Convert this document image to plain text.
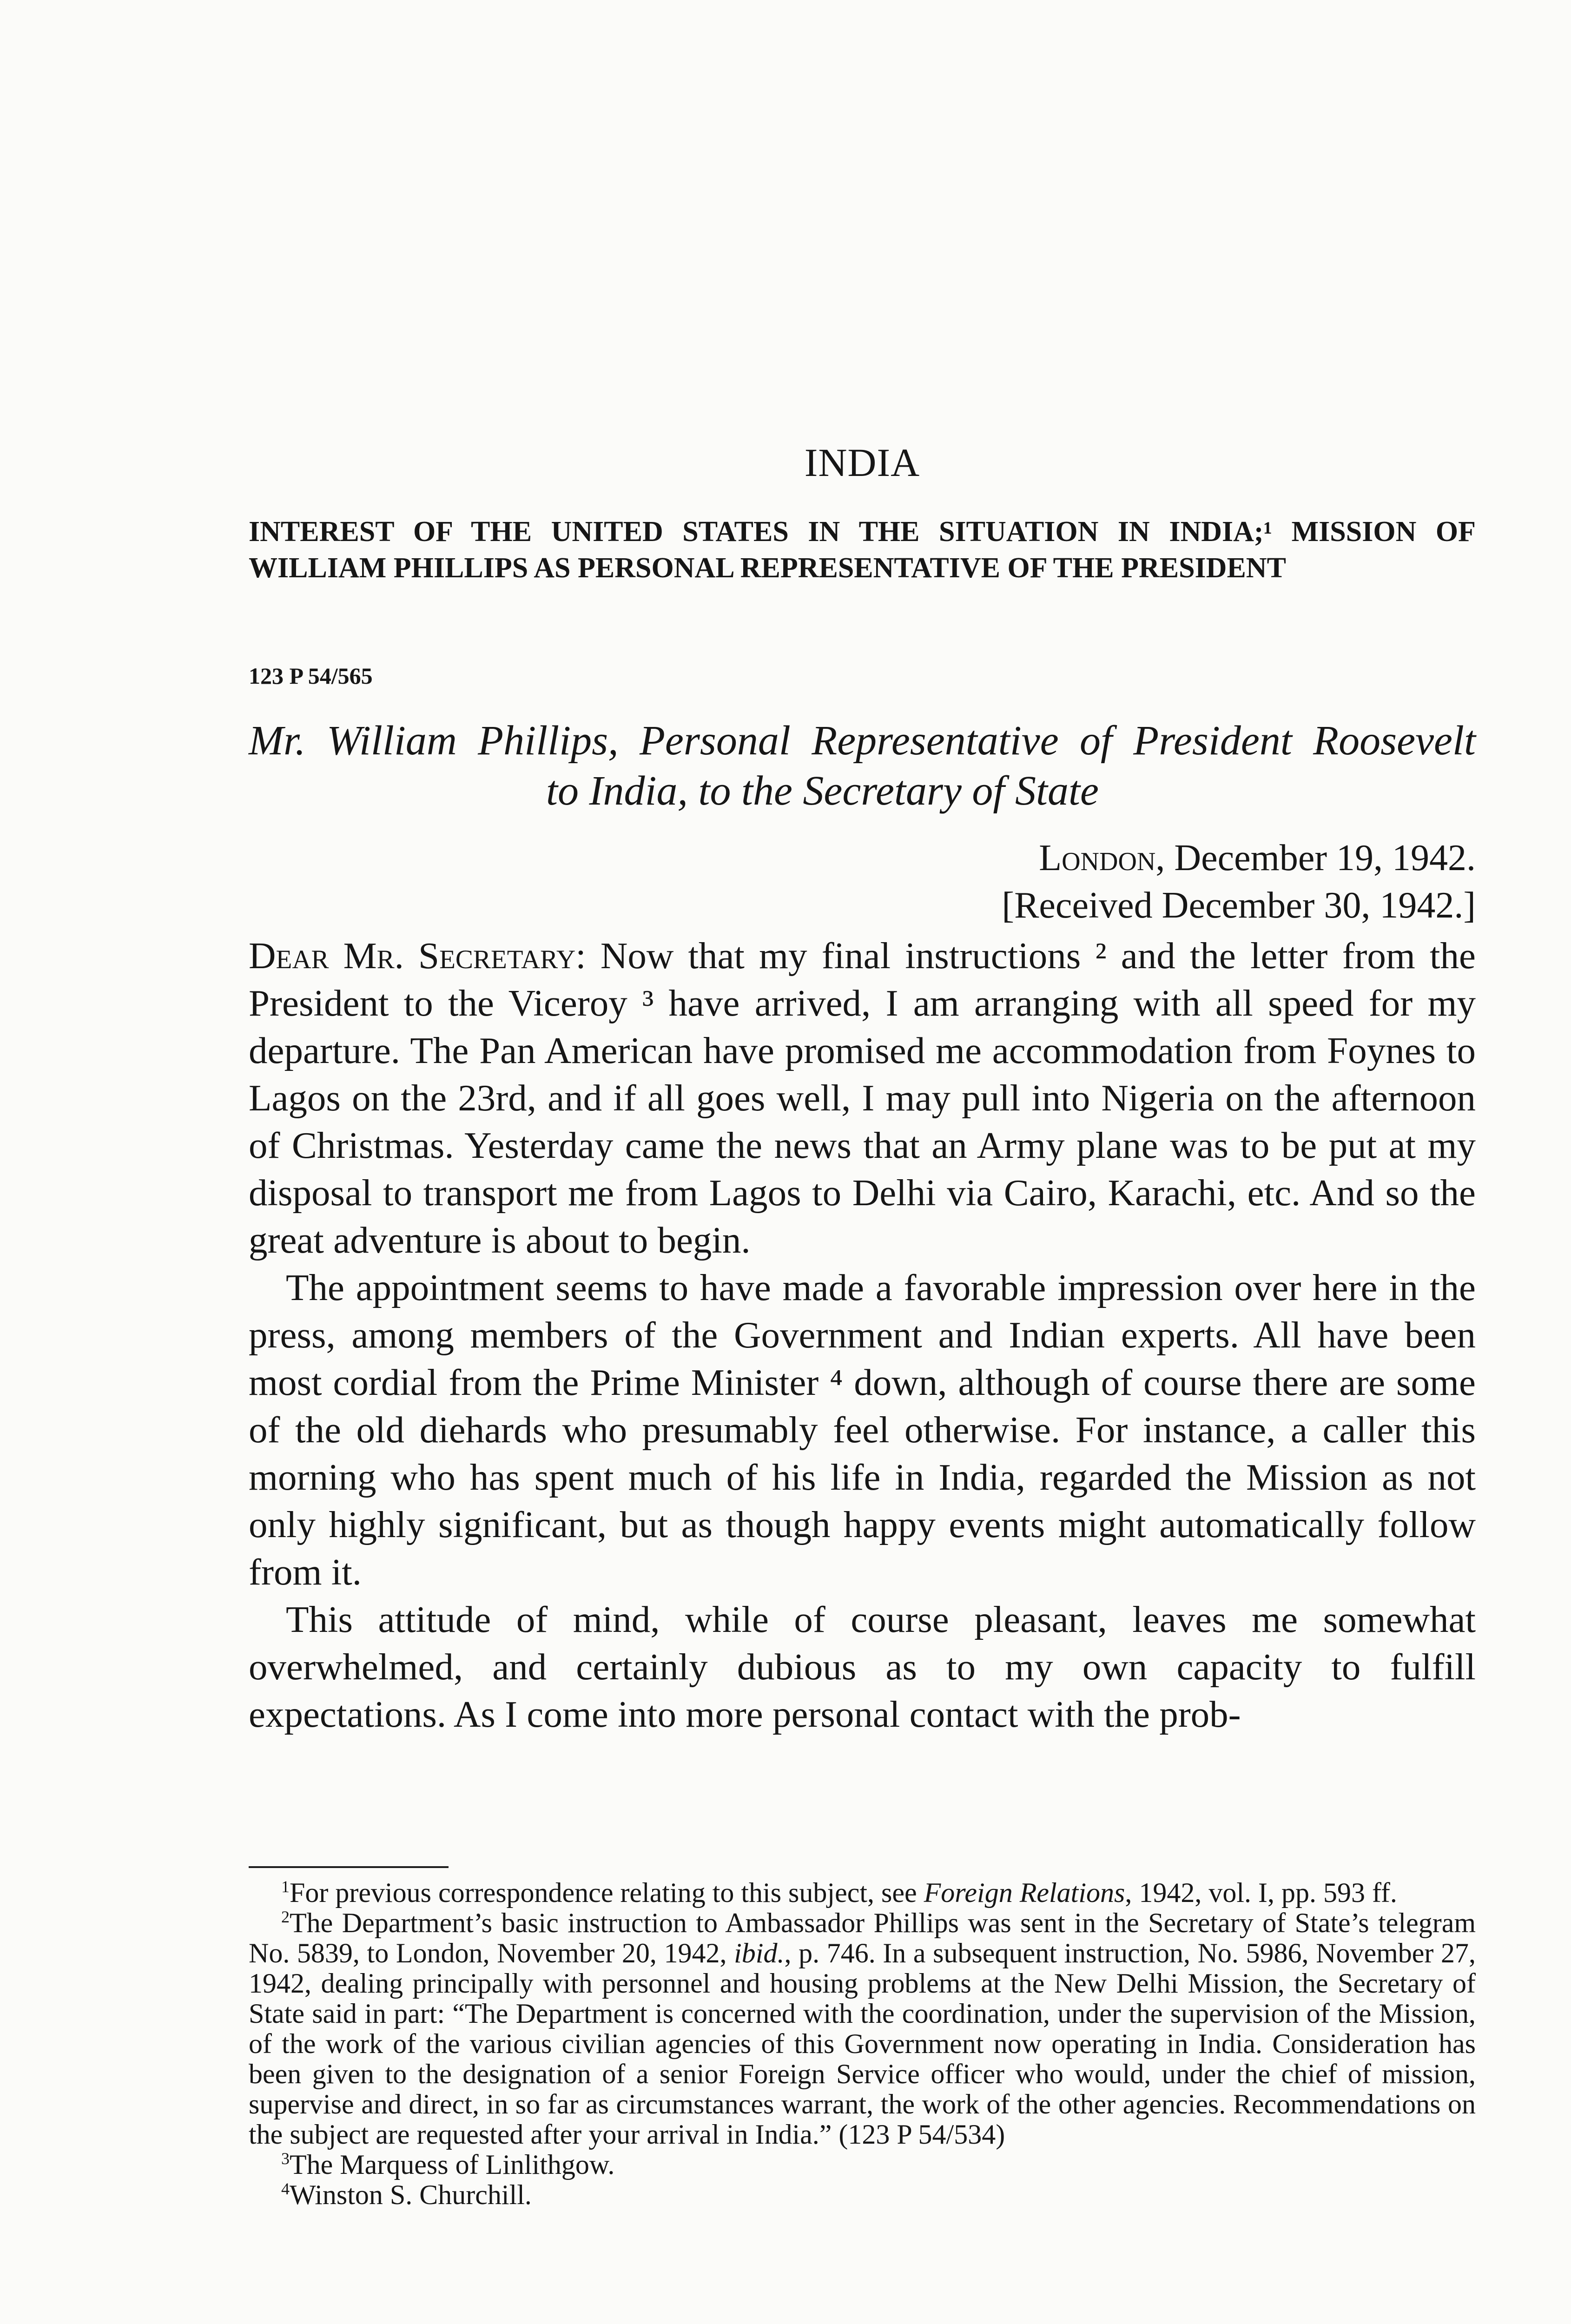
INDIA
INTEREST OF THE UNITED STATES IN THE SITUATION IN INDIA;¹ MISSION OF WILLIAM PHILLIPS AS PERSONAL REPRESENTATIVE OF THE PRESIDENT
123 P 54/565
Mr. William Phillips, Personal Representative of President Roosevelt
to India, to the Secretary of State
London, December 19, 1942.
[Received December 30, 1942.]

Dear Mr. Secretary: Now that my final instructions ² and the letter from the President to the Viceroy ³ have arrived, I am arranging with all speed for my departure. The Pan American have promised me accommodation from Foynes to Lagos on the 23rd, and if all goes well, I may pull into Nigeria on the afternoon of Christmas. Yesterday came the news that an Army plane was to be put at my disposal to transport me from Lagos to Delhi via Cairo, Karachi, etc. And so the great adventure is about to begin.

The appointment seems to have made a favorable impression over here in the press, among members of the Government and Indian experts. All have been most cordial from the Prime Minister ⁴ down, although of course there are some of the old diehards who presumably feel otherwise. For instance, a caller this morning who has spent much of his life in India, regarded the Mission as not only highly significant, but as though happy events might automatically follow from it.

This attitude of mind, while of course pleasant, leaves me somewhat overwhelmed, and certainly dubious as to my own capacity to fulfill expectations. As I come into more personal contact with the prob-

$^1$For previous correspondence relating to this subject, see Foreign Relations, 1942, vol. I, pp. 593 ff.

$^2$The Department’s basic instruction to Ambassador Phillips was sent in the Secretary of State’s telegram No. 5839, to London, November 20, 1942, ibid., p. 746. In a subsequent instruction, No. 5986, November 27, 1942, dealing principally with personnel and housing problems at the New Delhi Mission, the Secretary of State said in part: “The Department is concerned with the coordination, under the supervision of the Mission, of the work of the various civilian agencies of this Government now operating in India. Consideration has been given to the designation of a senior Foreign Service officer who would, under the chief of mission, supervise and direct, in so far as circumstances warrant, the work of the other agencies. Recommendations on the subject are requested after your arrival in India.” (123 P 54/534)

$^3$The Marquess of Linlithgow.

$^4$Winston S. Churchill.
